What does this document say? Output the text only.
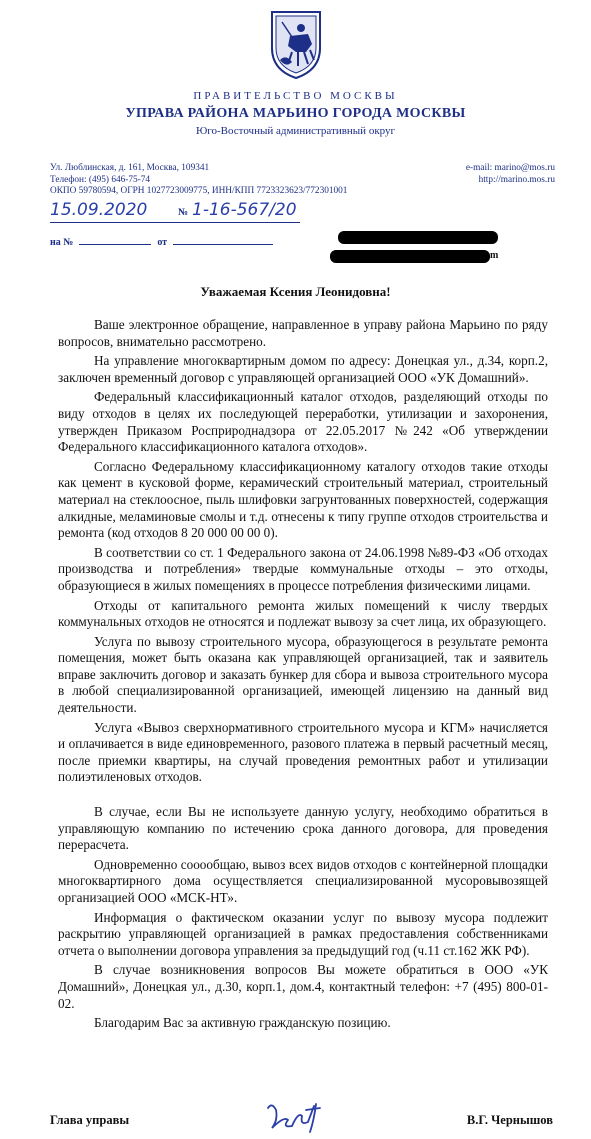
ПРАВИТЕЛЬСТВО МОСКВЫ
УПРАВА РАЙОНА МАРЬИНО ГОРОДА МОСКВЫ
Юго-Восточный административный округ
Ул. Люблинская, д. 161, Москва, 109341
Телефон: (495) 646-75-74
ОКПО 59780594, ОГРН 1027723009775, ИНН/КПП 7723323623/772301001
e-mail: marino@mos.ru
http://marino.mos.ru
15.09.2020	№ 1-16-567/20
на №	от
m
Уважаемая Ксения Леонидовна!

Ваше электронное обращение, направленное в управу района Марьино по ряду вопросов, внимательно рассмотрено.

На управление многоквартирным домом по адресу: Донецкая ул., д.34, корп.2, заключен временный договор с управляющей организацией ООО «УК Домашний».

Федеральный классификационный каталог отходов, разделяющий отходы по виду отходов в целях их последующей переработки, утилизации и захоронения, утвержден Приказом Росприроднадзора от 22.05.2017 №242 «Об утверждении Федерального классификационного каталога отходов».

Согласно Федеральному классификационному каталогу отходов такие отходы как цемент в кусковой форме, керамический строительный материал, строительный материал на стеклоосное, пыль шлифовки загрунтованных поверхностей, содержащия алкидные, меламиновые смолы и т.д. отнесены к типу группе отходов строительства и ремонта (код отходов 8 20 000 00 00 0).

В соответствии со ст. 1 Федерального закона от 24.06.1998 №89-ФЗ «Об отходах производства и потребления» твердые коммунальные отходы – это отходы, образующиеся в жилых помещениях в процессе потребления физическими лицами.

Отходы от капитального ремонта жилых помещений к числу твердых коммунальных отходов не относятся и подлежат вывозу за счет лица, их образующего.

Услуга по вывозу строительного мусора, образующегося в результате ремонта помещения, может быть оказана как управляющей организацией, так и заявитель вправе заключить договор и заказать бункер для сбора и вывоза строительного мусора в любой специализированной организацией, имеющей лицензию на данный вид деятельности.

Услуга «Вывоз сверхнормативного строительного мусора и КГМ» начисляется и оплачивается в виде единовременного, разового платежа в первый расчетный месяц, после приемки квартиры, на случай проведения ремонтных работ и утилизации полиэтиленовых отходов.

В случае, если Вы не используете данную услугу, необходимо обратиться в управляющую компанию по истечению срока данного договора, для проведения перерасчета.

Одновременно сооообщаю, вывоз всех видов отходов с контейнерной площадки многоквартирного дома осуществляется специализированной мусоровывозящей организацией ООО «МСК-НТ».

Информация о фактическом оказании услуг по вывозу мусора подлежит раскрытию управляющей организацией в рамках предоставления собственниками отчета о выполнении договора управления за предыдущий год (ч.11 ст.162 ЖК РФ).

В случае возникновения вопросов Вы можете обратиться в ООО «УК Домашний», Донецкая ул., д.30, корп.1, дом.4, контактный телефон: +7 (495) 800-01-02.

Благодарим Вас за активную гражданскую позицию.

Глава управы	В.Г. Чернышов
